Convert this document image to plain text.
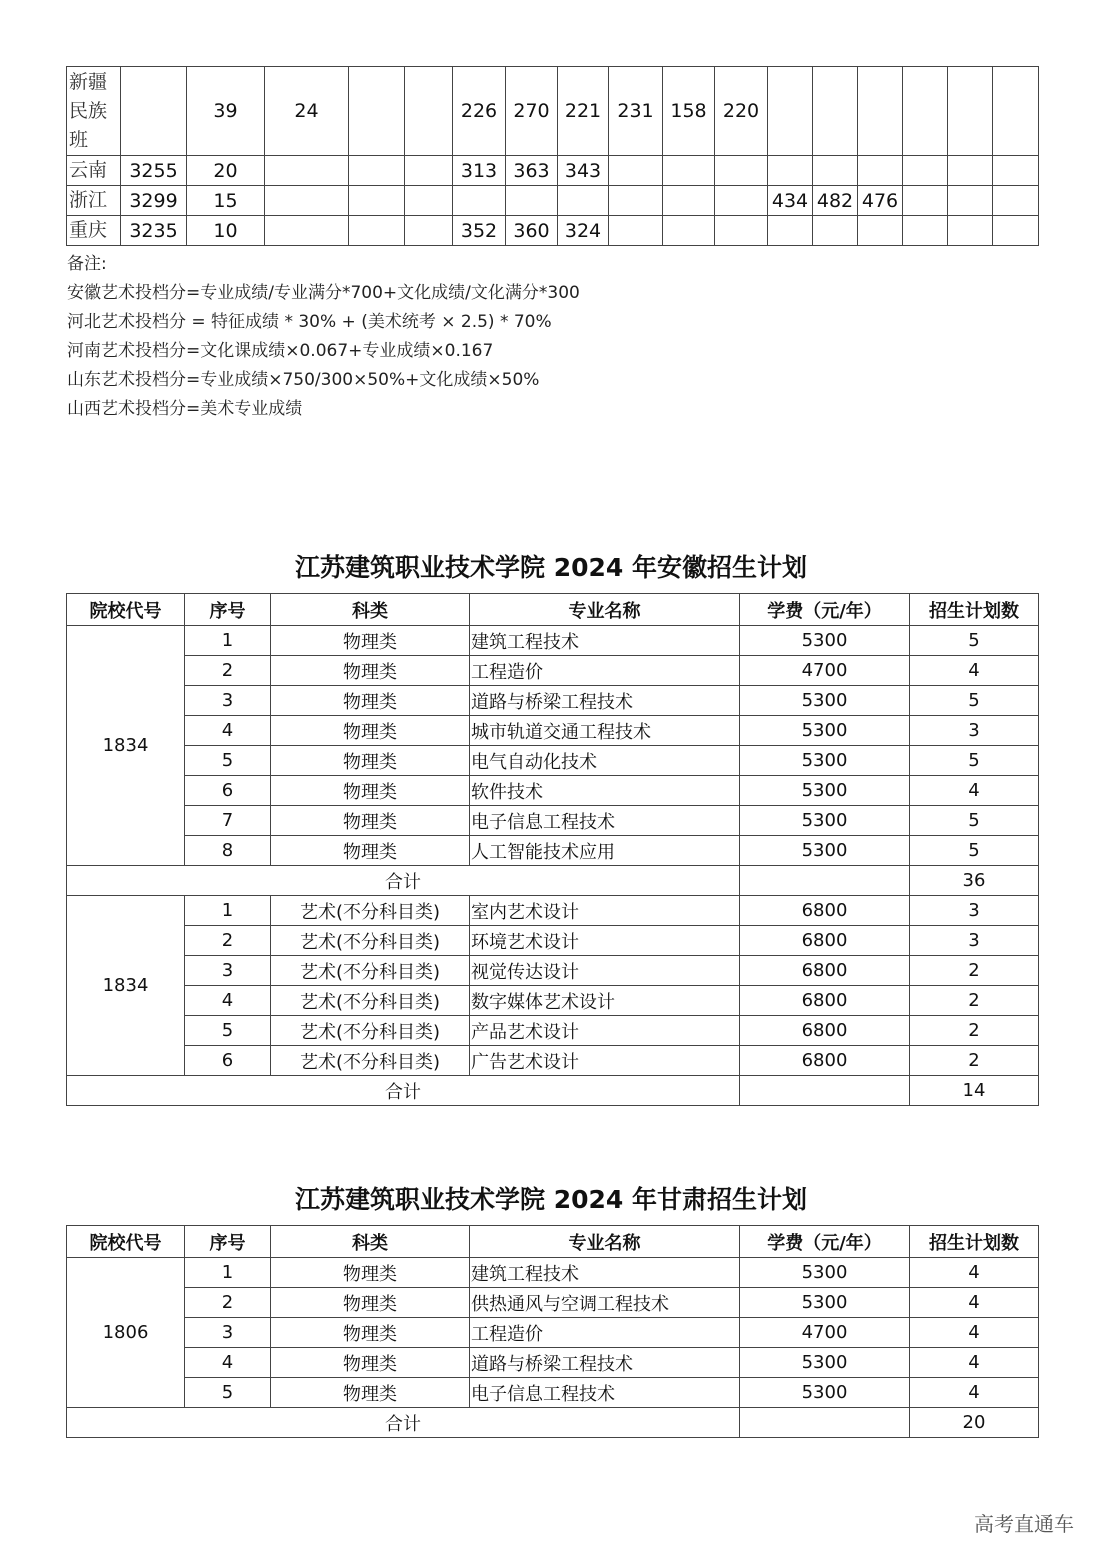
新疆
民族
班		39	24			226	270	221	231	158	220						
云南	3255	20				313	363	343									
浙江	3299	15										434	482	476			
重庆	3235	10				352	360	324									
备注:
安徽艺术投档分=专业成绩/专业满分*700+文化成绩/文化满分*300
河北艺术投档分 = 特征成绩 * 30% + (美术统考 × 2.5) * 70%
河南艺术投档分=文化课成绩×0.067+专业成绩×0.167
山东艺术投档分=专业成绩×750/300×50%+文化成绩×50%
山西艺术投档分=美术专业成绩
江苏建筑职业技术学院 2024 年安徽招生计划
院校代号	序号	科类	专业名称	学费（元/年）	招生计划数
1834	1	物理类	建筑工程技术	5300	5
	2	物理类	工程造价	4700	4
	3	物理类	道路与桥梁工程技术	5300	5
	4	物理类	城市轨道交通工程技术	5300	3
	5	物理类	电气自动化技术	5300	5
	6	物理类	软件技术	5300	4
	7	物理类	电子信息工程技术	5300	5
	8	物理类	人工智能技术应用	5300	5
合计					36
1834	1	艺术(不分科目类)	室内艺术设计	6800	3
	2	艺术(不分科目类)	环境艺术设计	6800	3
	3	艺术(不分科目类)	视觉传达设计	6800	2
	4	艺术(不分科目类)	数字媒体艺术设计	6800	2
	5	艺术(不分科目类)	产品艺术设计	6800	2
	6	艺术(不分科目类)	广告艺术设计	6800	2
合计					14
江苏建筑职业技术学院 2024 年甘肃招生计划
院校代号	序号	科类	专业名称	学费（元/年）	招生计划数
1806	1	物理类	建筑工程技术	5300	4
	2	物理类	供热通风与空调工程技术	5300	4
	3	物理类	工程造价	4700	4
	4	物理类	道路与桥梁工程技术	5300	4
	5	物理类	电子信息工程技术	5300	4
合计					20
高考直通车
